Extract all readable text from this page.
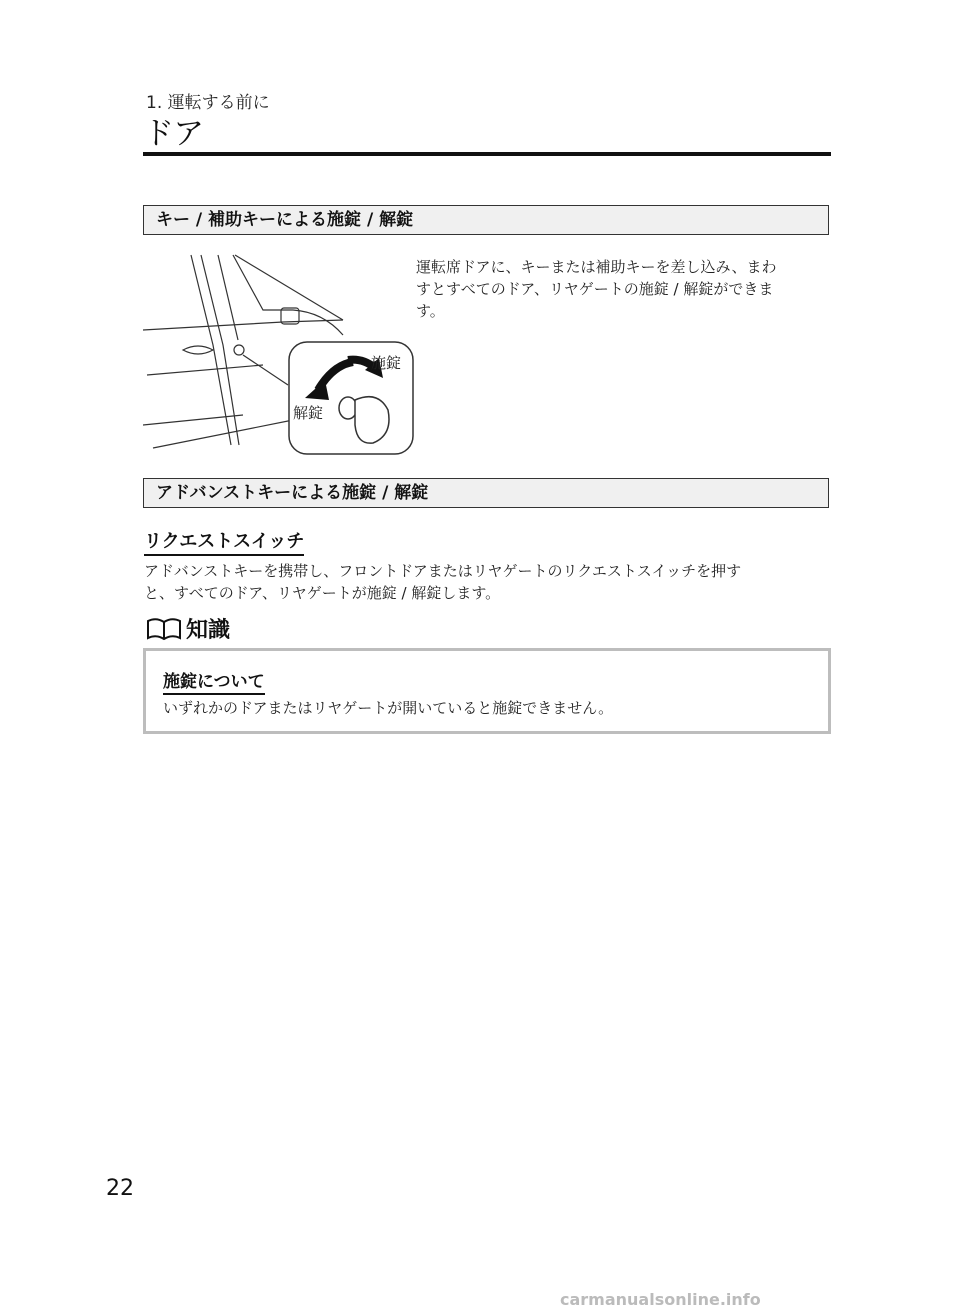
1. 運転する前に
ドア
キー / 補助キーによる施錠 / 解錠
施錠
解錠
運転席ドアに、キーまたは補助キーを差し込み、まわ
すとすべてのドア、リヤゲートの施錠 / 解錠ができま
す。
アドバンストキーによる施錠 / 解錠
リクエストスイッチ
アドバンストキーを携帯し、フロントドアまたはリヤゲートのリクエストスイッチを押す
と、すべてのドア、リヤゲートが施錠 / 解錠します。
知識
施錠について
いずれかのドアまたはリヤゲートが開いていると施錠できません。
22
carmanualsonline.info
